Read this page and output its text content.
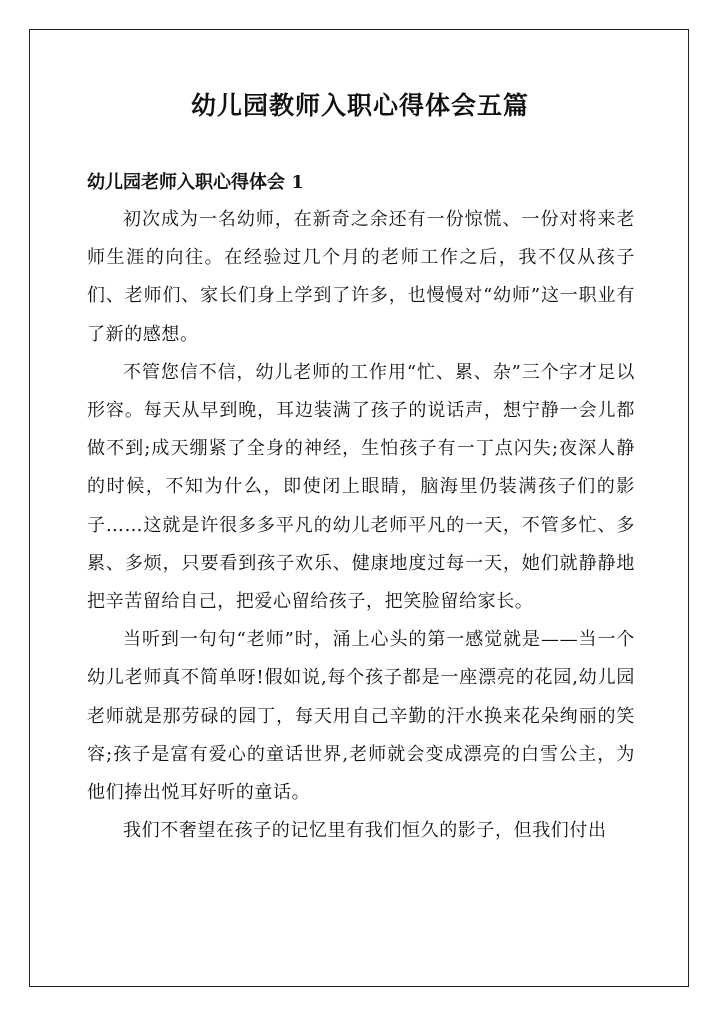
幼儿园教师入职心得体会五篇
幼儿园老师入职心得体会 1

初次成为一名幼师，在新奇之余还有一份惊慌、一份对将来老师生涯的向往。在经验过几个月的老师工作之后，我不仅从孩子们、老师们、家长们身上学到了许多，也慢慢对“幼师”这一职业有了新的感想。

不管您信不信，幼儿老师的工作用“忙、累、杂”三个字才足以形容。每天从早到晚，耳边装满了孩子的说话声，想宁静一会儿都做不到;成天绷紧了全身的神经，生怕孩子有一丁点闪失;夜深人静的时候，不知为什么，即使闭上眼睛，脑海里仍装满孩子们的影子……这就是许很多多平凡的幼儿老师平凡的一天，不管多忙、多累、多烦，只要看到孩子欢乐、健康地度过每一天，她们就静静地把辛苦留给自己，把爱心留给孩子，把笑脸留给家长。

当听到一句句“老师”时，涌上心头的第一感觉就是——当一个幼儿老师真不简单呀!假如说,每个孩子都是一座漂亮的花园,幼儿园老师就是那劳碌的园丁，每天用自己辛勤的汗水换来花朵绚丽的笑容;孩子是富有爱心的童话世界,老师就会变成漂亮的白雪公主，为他们捧出悦耳好听的童话。

我们不奢望在孩子的记忆里有我们恒久的影子，但我们付出
